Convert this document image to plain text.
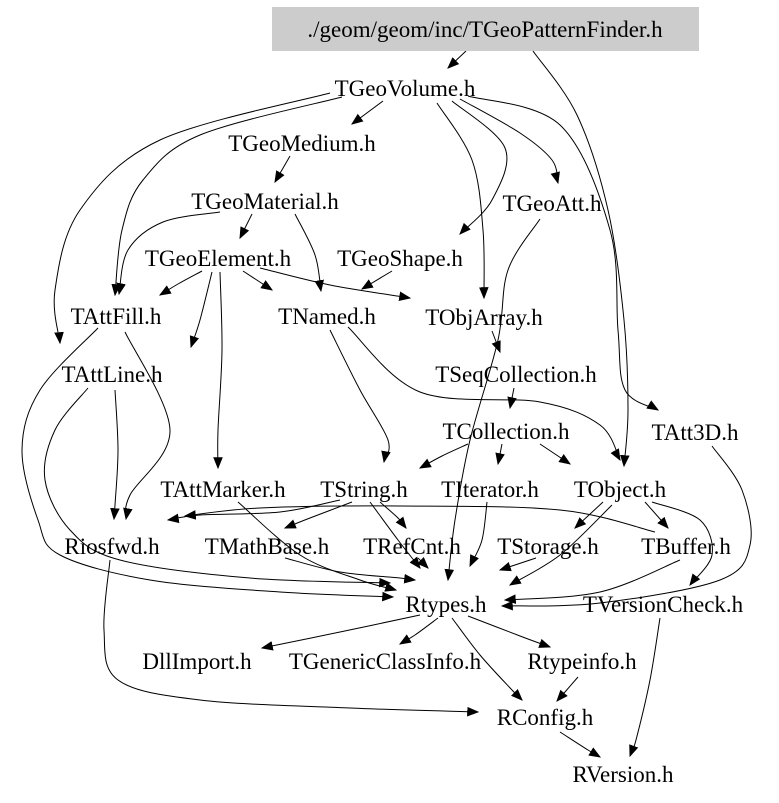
./geom/geom/inc/TGeoPatternFinder.h
TGeoVolume.h
TGeoMedium.h
TGeoMaterial.h	TGeoAtt.h
TGeoElement.h TGeoShape.h
TAttFill.h	TNamed.h TObjArray.h
TAttLine.h	TSeqCollection.h
TCollection.h	TAtt3D.h
TAttMarker.h TString.h TIterator.h TObject.h
Riosfwd.h TMathBase.h TRefCnt.h TStorage.h TBuffer.h
Rtypes.h	TVersionCheck.h
DllImport.h TGenericClassInfo.h Rtypeinfo.h
RConfig.h
RVersion.h
